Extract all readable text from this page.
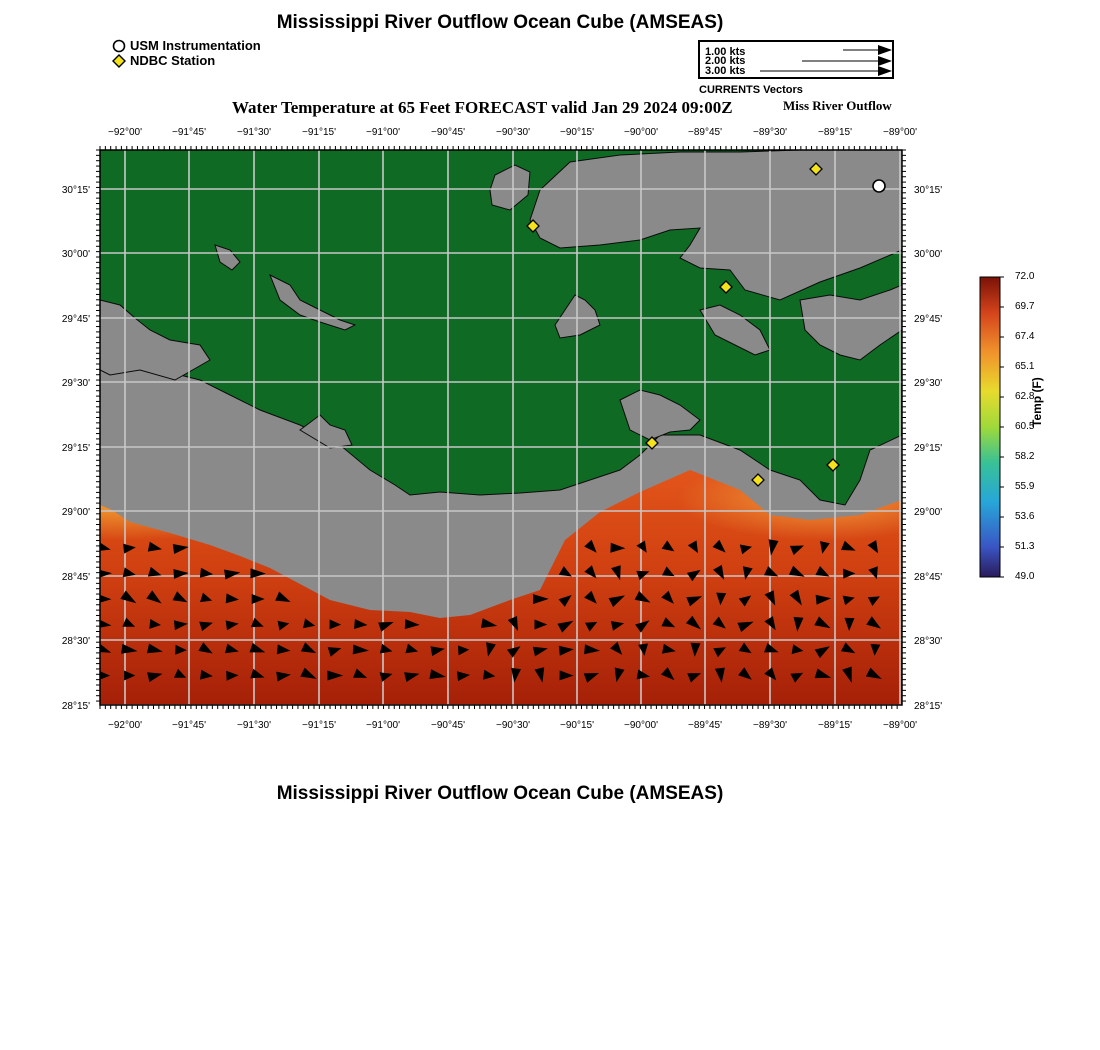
Mississippi River Outflow Ocean Cube (AMSEAS)
USM Instrumentation
NDBC Station
1.00 kts
2.00 kts
3.00 kts
CURRENTS Vectors
Water Temperature at 65 Feet FORECAST valid Jan 29 2024 09:00Z	Miss River Outflow
−92°00'	−91°45'	−91°30'	−91°15'	−91°00'	−90°45'	−90°30'	−90°15'	−90°00'	−89°45'	−89°30'	−89°15'	−89°00'
−92°00'	−91°45'	−91°30'	−91°15'	−91°00'	−90°45'	−90°30'	−90°15'	−90°00'	−89°45'	−89°30'	−89°15'	−89°00'
30°15'
30°00'
29°45'
29°30'
29°15'
29°00'
28°45'
28°30'
28°15'
30°15'
30°00'
29°45'
29°30'
29°15'
29°00'
28°45'
28°30'
28°15'
72.0
69.7
67.4
65.1
62.8
60.5
58.2
55.9
53.6
51.3
49.0
Temp (F)
Mississippi River Outflow Ocean Cube (AMSEAS)
